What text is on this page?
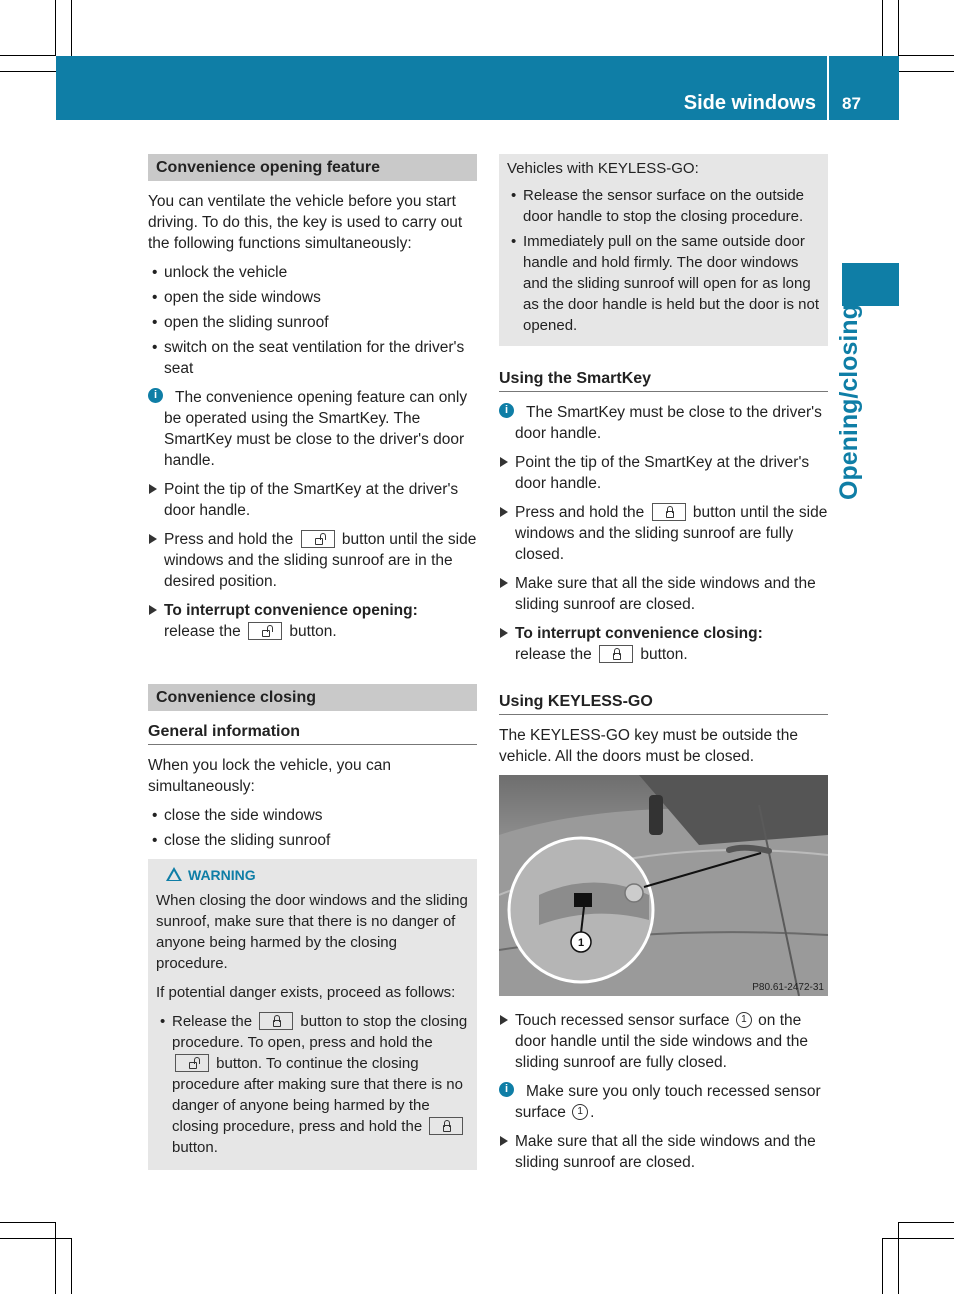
Side windows 87
Opening/closing
Convenience opening feature

You can ventilate the vehicle before you start driving. To do this, the key is used to carry out the following functions simultaneously:

• unlock the vehicle
• open the side windows
• open the sliding sunroof
• switch on the seat ventilation for the driver's seat
i	The convenience opening feature can only be operated using the SmartKey. The SmartKey must be close to the driver's door handle.
Point the tip of the SmartKey at the driver's door handle.
Press and hold the	button until the side windows and the sliding sunroof are in the desired position.
To interrupt convenience opening:
release the	button.
Convenience closing
General information

When you lock the vehicle, you can simultaneously:

• close the side windows
• close the sliding sunroof
WARNING

When closing the door windows and the sliding sunroof, make sure that there is no danger of anyone being harmed by the closing procedure.

If potential danger exists, proceed as follows:

• Release the	button to stop the closing procedure. To open, press and hold the
button. To continue the closing procedure after making sure that there is no danger of anyone being harmed by the closing procedure, press and hold the
button.

Vehicles with KEYLESS-GO:

• Release the sensor surface on the outside door handle to stop the closing procedure.
• Immediately pull on the same outside door handle and hold firmly. The door windows and the sliding sunroof will open for as long as the door handle is held but the door is not opened.
Using the SmartKey
i	The SmartKey must be close to the driver's door handle.
Point the tip of the SmartKey at the driver's door handle.
Press and hold the	button until the side windows and the sliding sunroof are fully closed.
Make sure that all the side windows and the sliding sunroof are closed.
To interrupt convenience closing:
release the	button.
Using KEYLESS-GO

The KEYLESS-GO key must be outside the vehicle. All the doors must be closed.

1
P80.61-2472-31
Touch recessed sensor surface 1 on the door handle until the side windows and the sliding sunroof are fully closed.
i	Make sure you only touch recessed sensor surface 1 .
Make sure that all the side windows and the sliding sunroof are closed.
